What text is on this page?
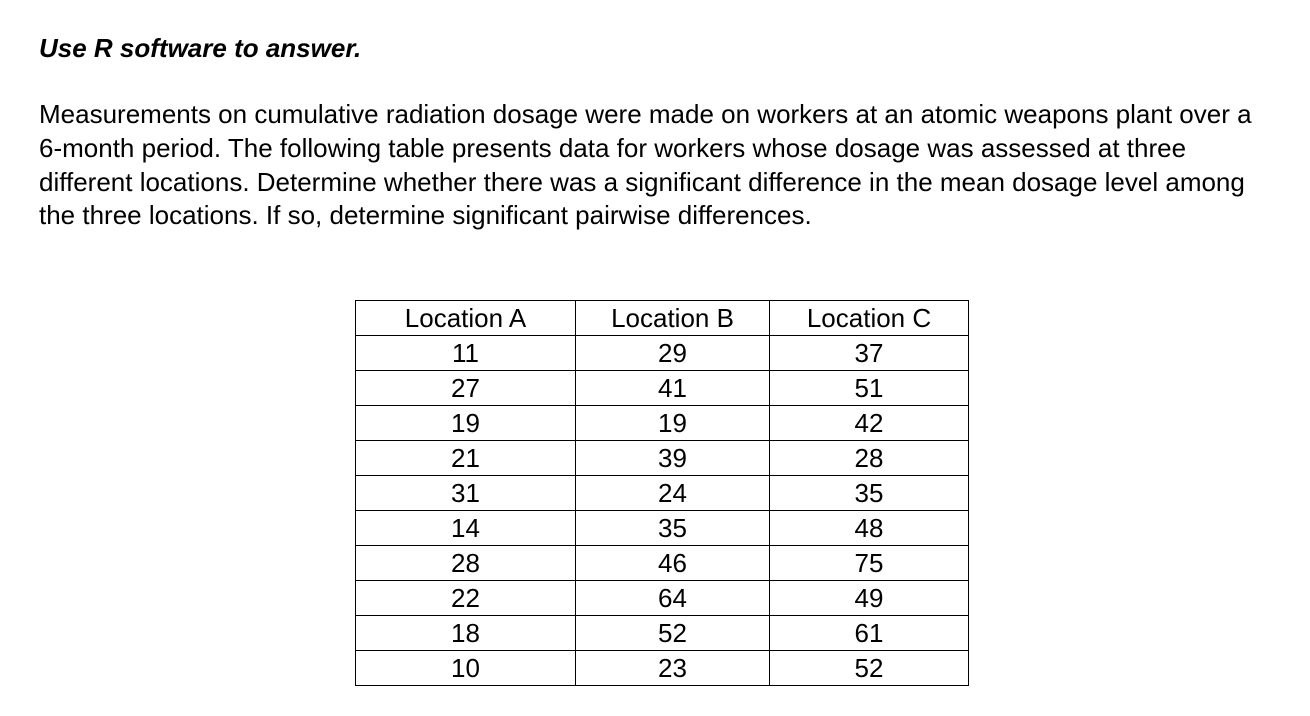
Use R software to answer.

Measurements on cumulative radiation dosage were made on workers at an atomic weapons plant over a 6-month period. The following table presents data for workers whose dosage was assessed at three different locations. Determine whether there was a significant difference in the mean dosage level among the three locations. If so, determine significant pairwise differences.

Location A	Location B	Location C
11	29	37
27	41	51
19	19	42
21	39	28
31	24	35
14	35	48
28	46	75
22	64	49
18	52	61
10	23	52
